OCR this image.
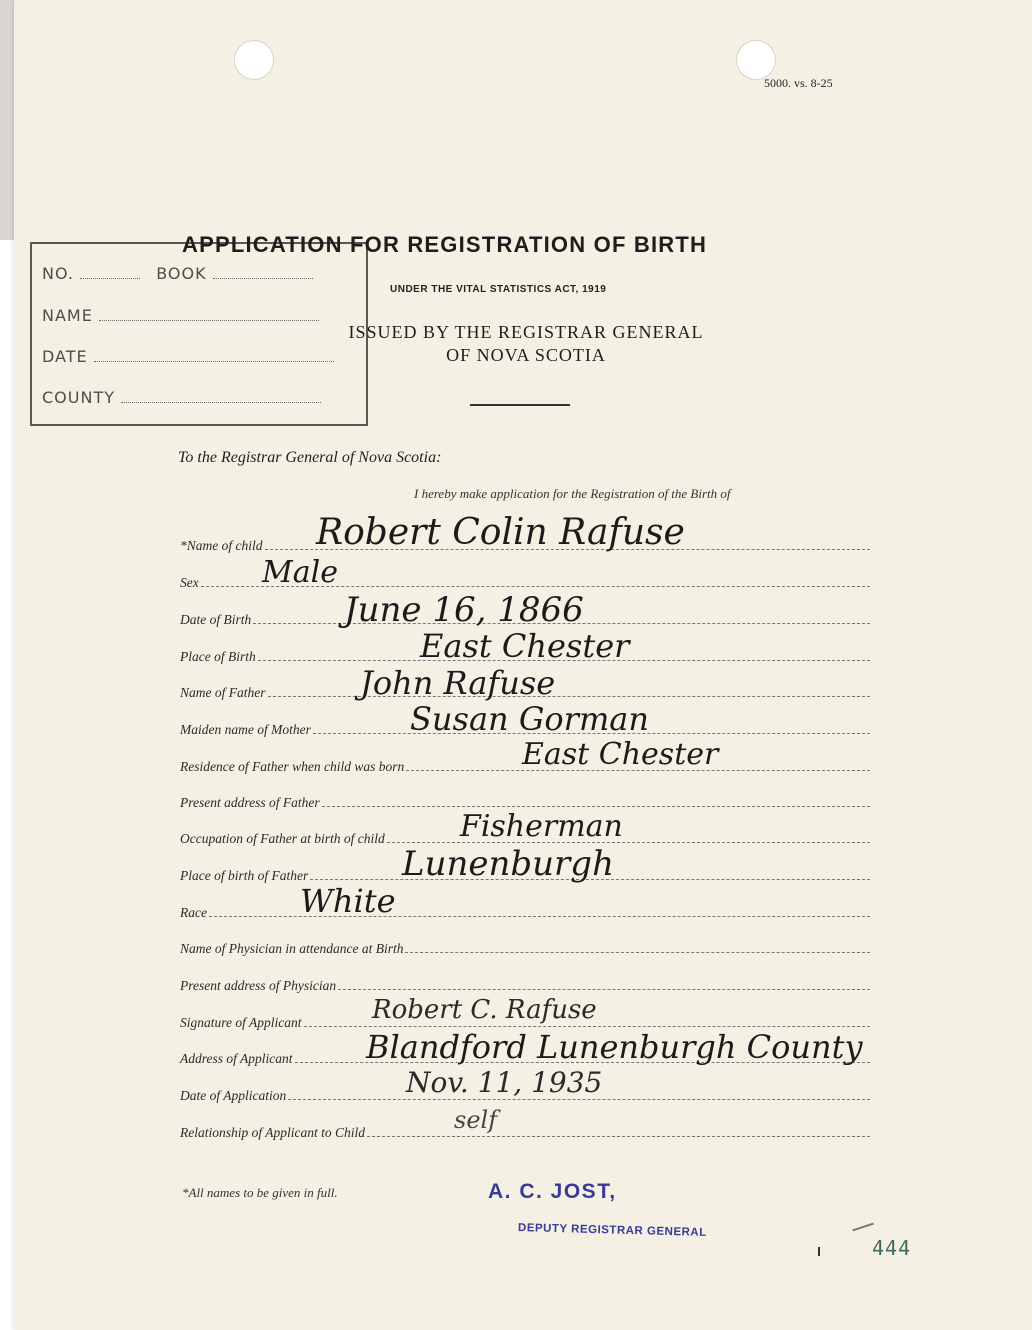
5000. vs. 8-25
NO.	BOOK
NAME
DATE
COUNTY
APPLICATION FOR REGISTRATION OF BIRTH
UNDER THE VITAL STATISTICS ACT, 1919
ISSUED BY THE REGISTRAR GENERAL
OF NOVA SCOTIA
To the Registrar General of Nova Scotia:
I hereby make application for the Registration of the Birth of
*Name of child
Sex
Date of Birth
Place of Birth
Name of Father
Maiden name of Mother
Residence of Father when child was born
Present address of Father
Occupation of Father at birth of child
Place of birth of Father
Race
Name of Physician in attendance at Birth
Present address of Physician
Signature of Applicant
Address of Applicant
Date of Application
Relationship of Applicant to Child
Robert Colin Rafuse
Male
June 16, 1866
East Chester
John Rafuse
Susan Gorman
East Chester
Fisherman
Lunenburgh
White
Robert C. Rafuse
Blandford Lunenburgh County
Nov. 11, 1935
self
*All names to be given in full.	A. C. JOST,
DEPUTY REGISTRAR GENERAL
444
